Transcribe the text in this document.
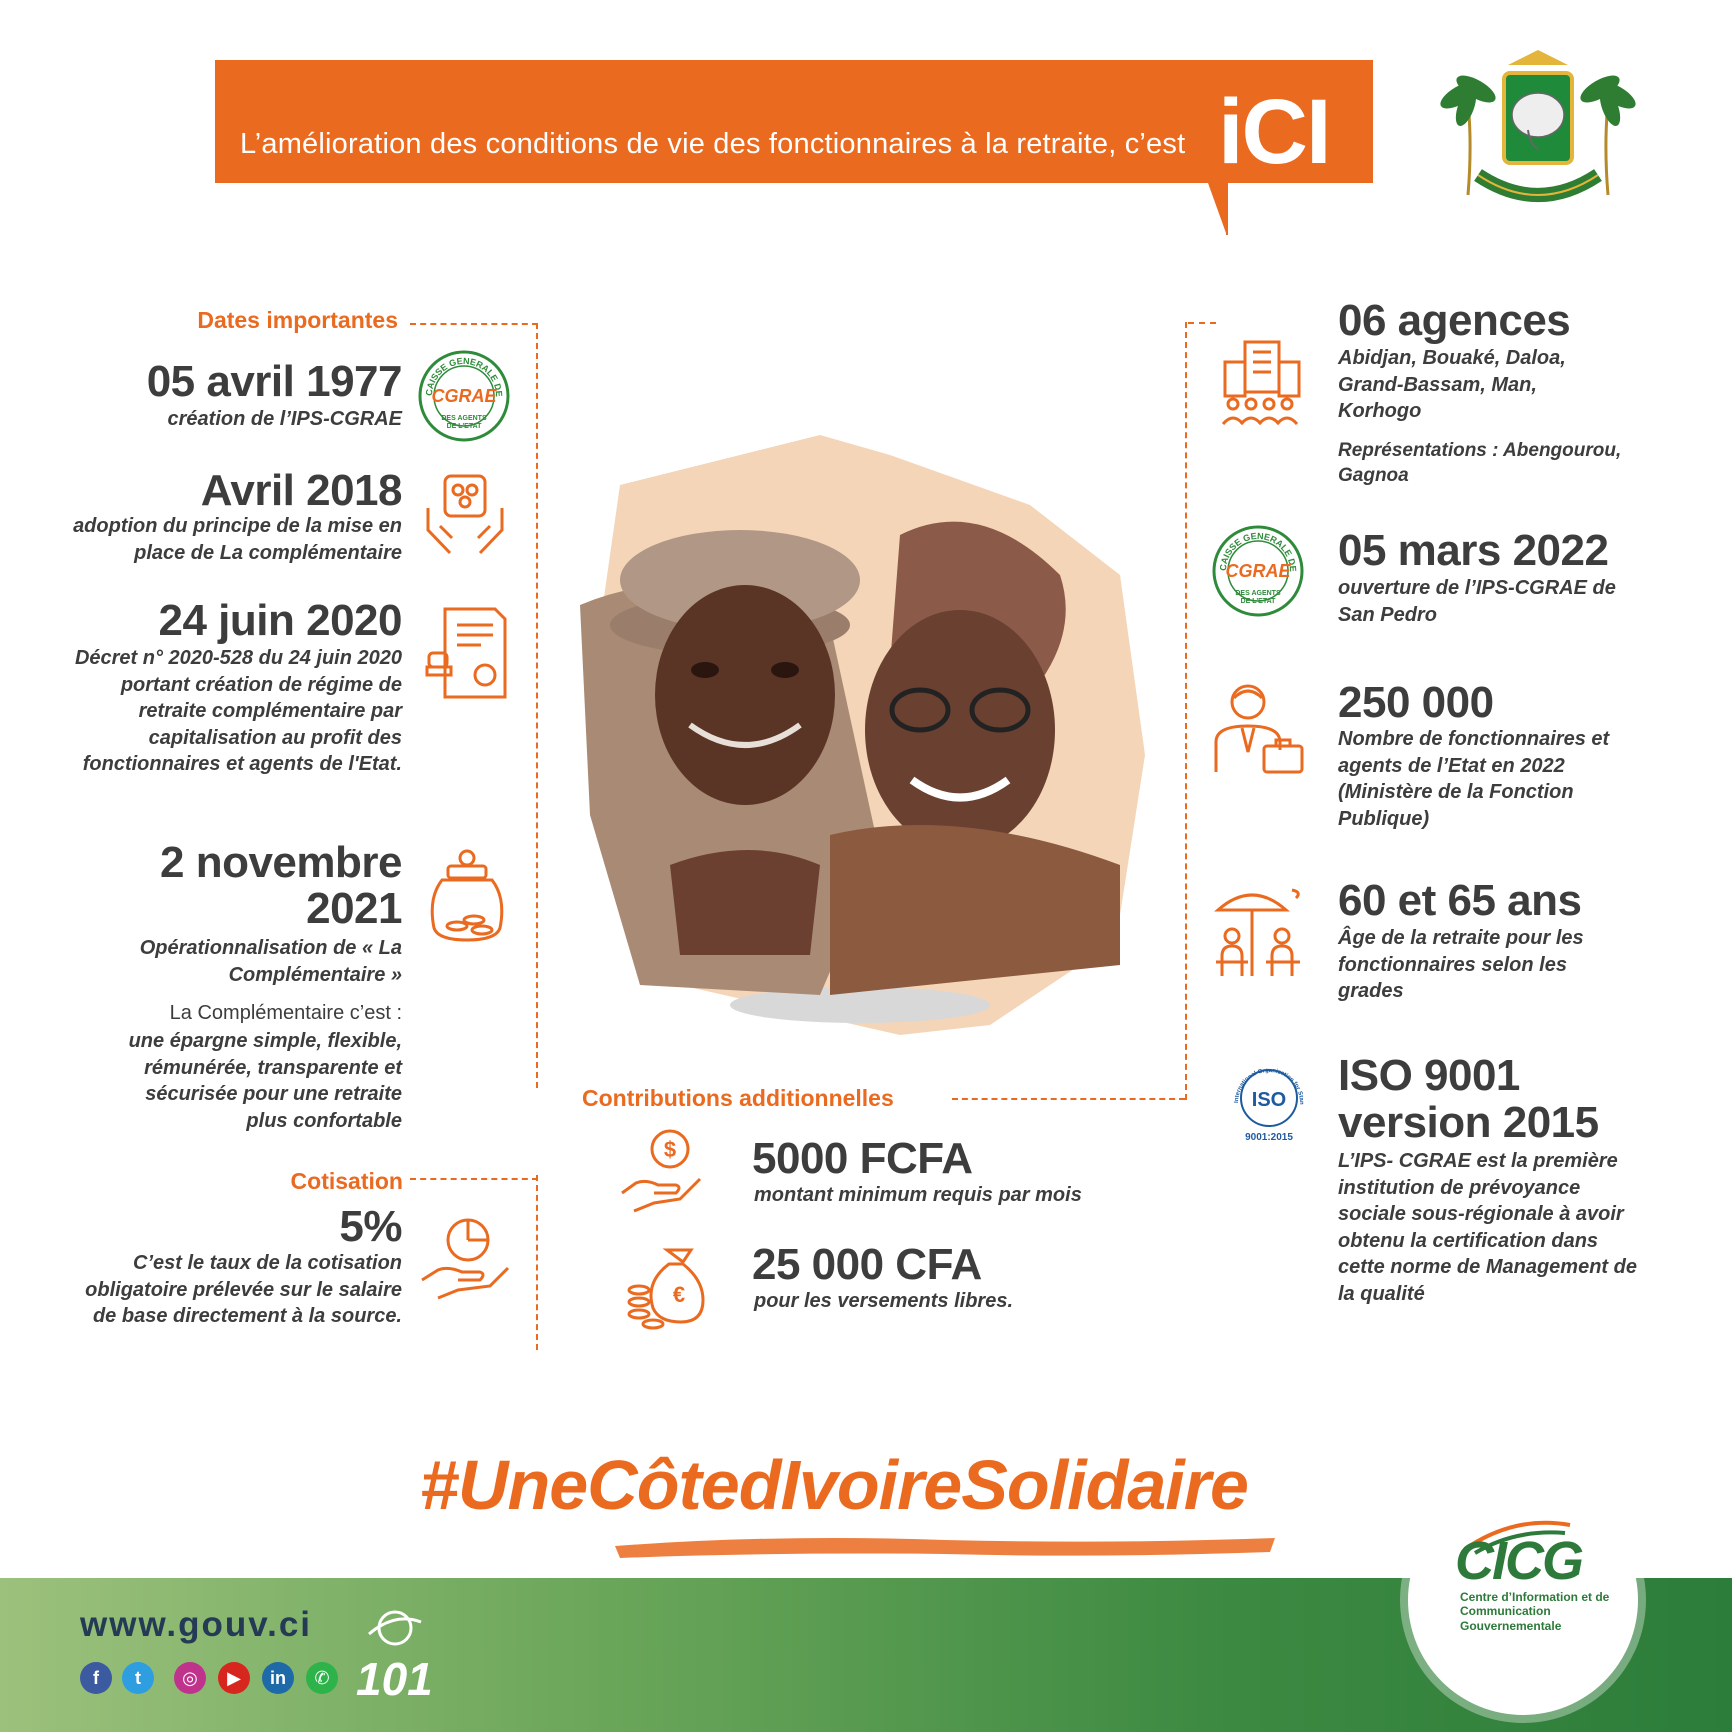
L’amélioration des conditions de vie des fonctionnaires à la retraite, c’est iCI
Dates importantes
05 avril 1977
création de l’IPS-CGRAE
Avril 2018
adoption du principe de la mise en place de La complémentaire
24 juin 2020
Décret n° 2020-528 du 24 juin 2020 portant création de régime de retraite complémentaire par capitalisation au profit des fonctionnaires et agents de l'Etat.
2 novembre
2021
Opérationnalisation de « La Complémentaire »
La Complémentaire c’est :
une épargne simple, flexible, rémunérée, transparente et sécurisée pour une retraite plus confortable
Cotisation
5%
C’est le taux de la cotisation obligatoire prélevée sur le salaire de base directement à la source.
CAISSE GENERALE DE
CGRAE
DES AGENTS
DE L'ETAT
Contributions additionnelles
$ 5000 FCFA
montant minimum requis par mois
€
25 000 CFA
pour les versements libres.
06 agences
Abidjan, Bouaké, Daloa, Grand-Bassam, Man, Korhogo
Représentations : Abengourou, Gagnoa
CAISSE GENERALE DE
CGRAE
DES AGENTS
DE L'ETAT
05 mars 2022
ouverture de l’IPS-CGRAE de San Pedro
250 000
Nombre de fonctionnaires et agents de l’Etat en 2022 (Ministère de la Fonction Publique)
60 et 65 ans
Âge de la retraite pour les fonctionnaires selon les grades
International Organization for Stan
ISO
9001:2015
ISO 9001
version 2015
L’IPS- CGRAE est la première institution de prévoyance sociale sous-régionale à avoir obtenu la certification dans cette norme de Management de la qualité
#UneCôtedIvoireSolidaire
www.gouv.ci
f	t	◎	▶	in	✆ 101
CICG
Centre d’Information et de Communication Gouvernementale
